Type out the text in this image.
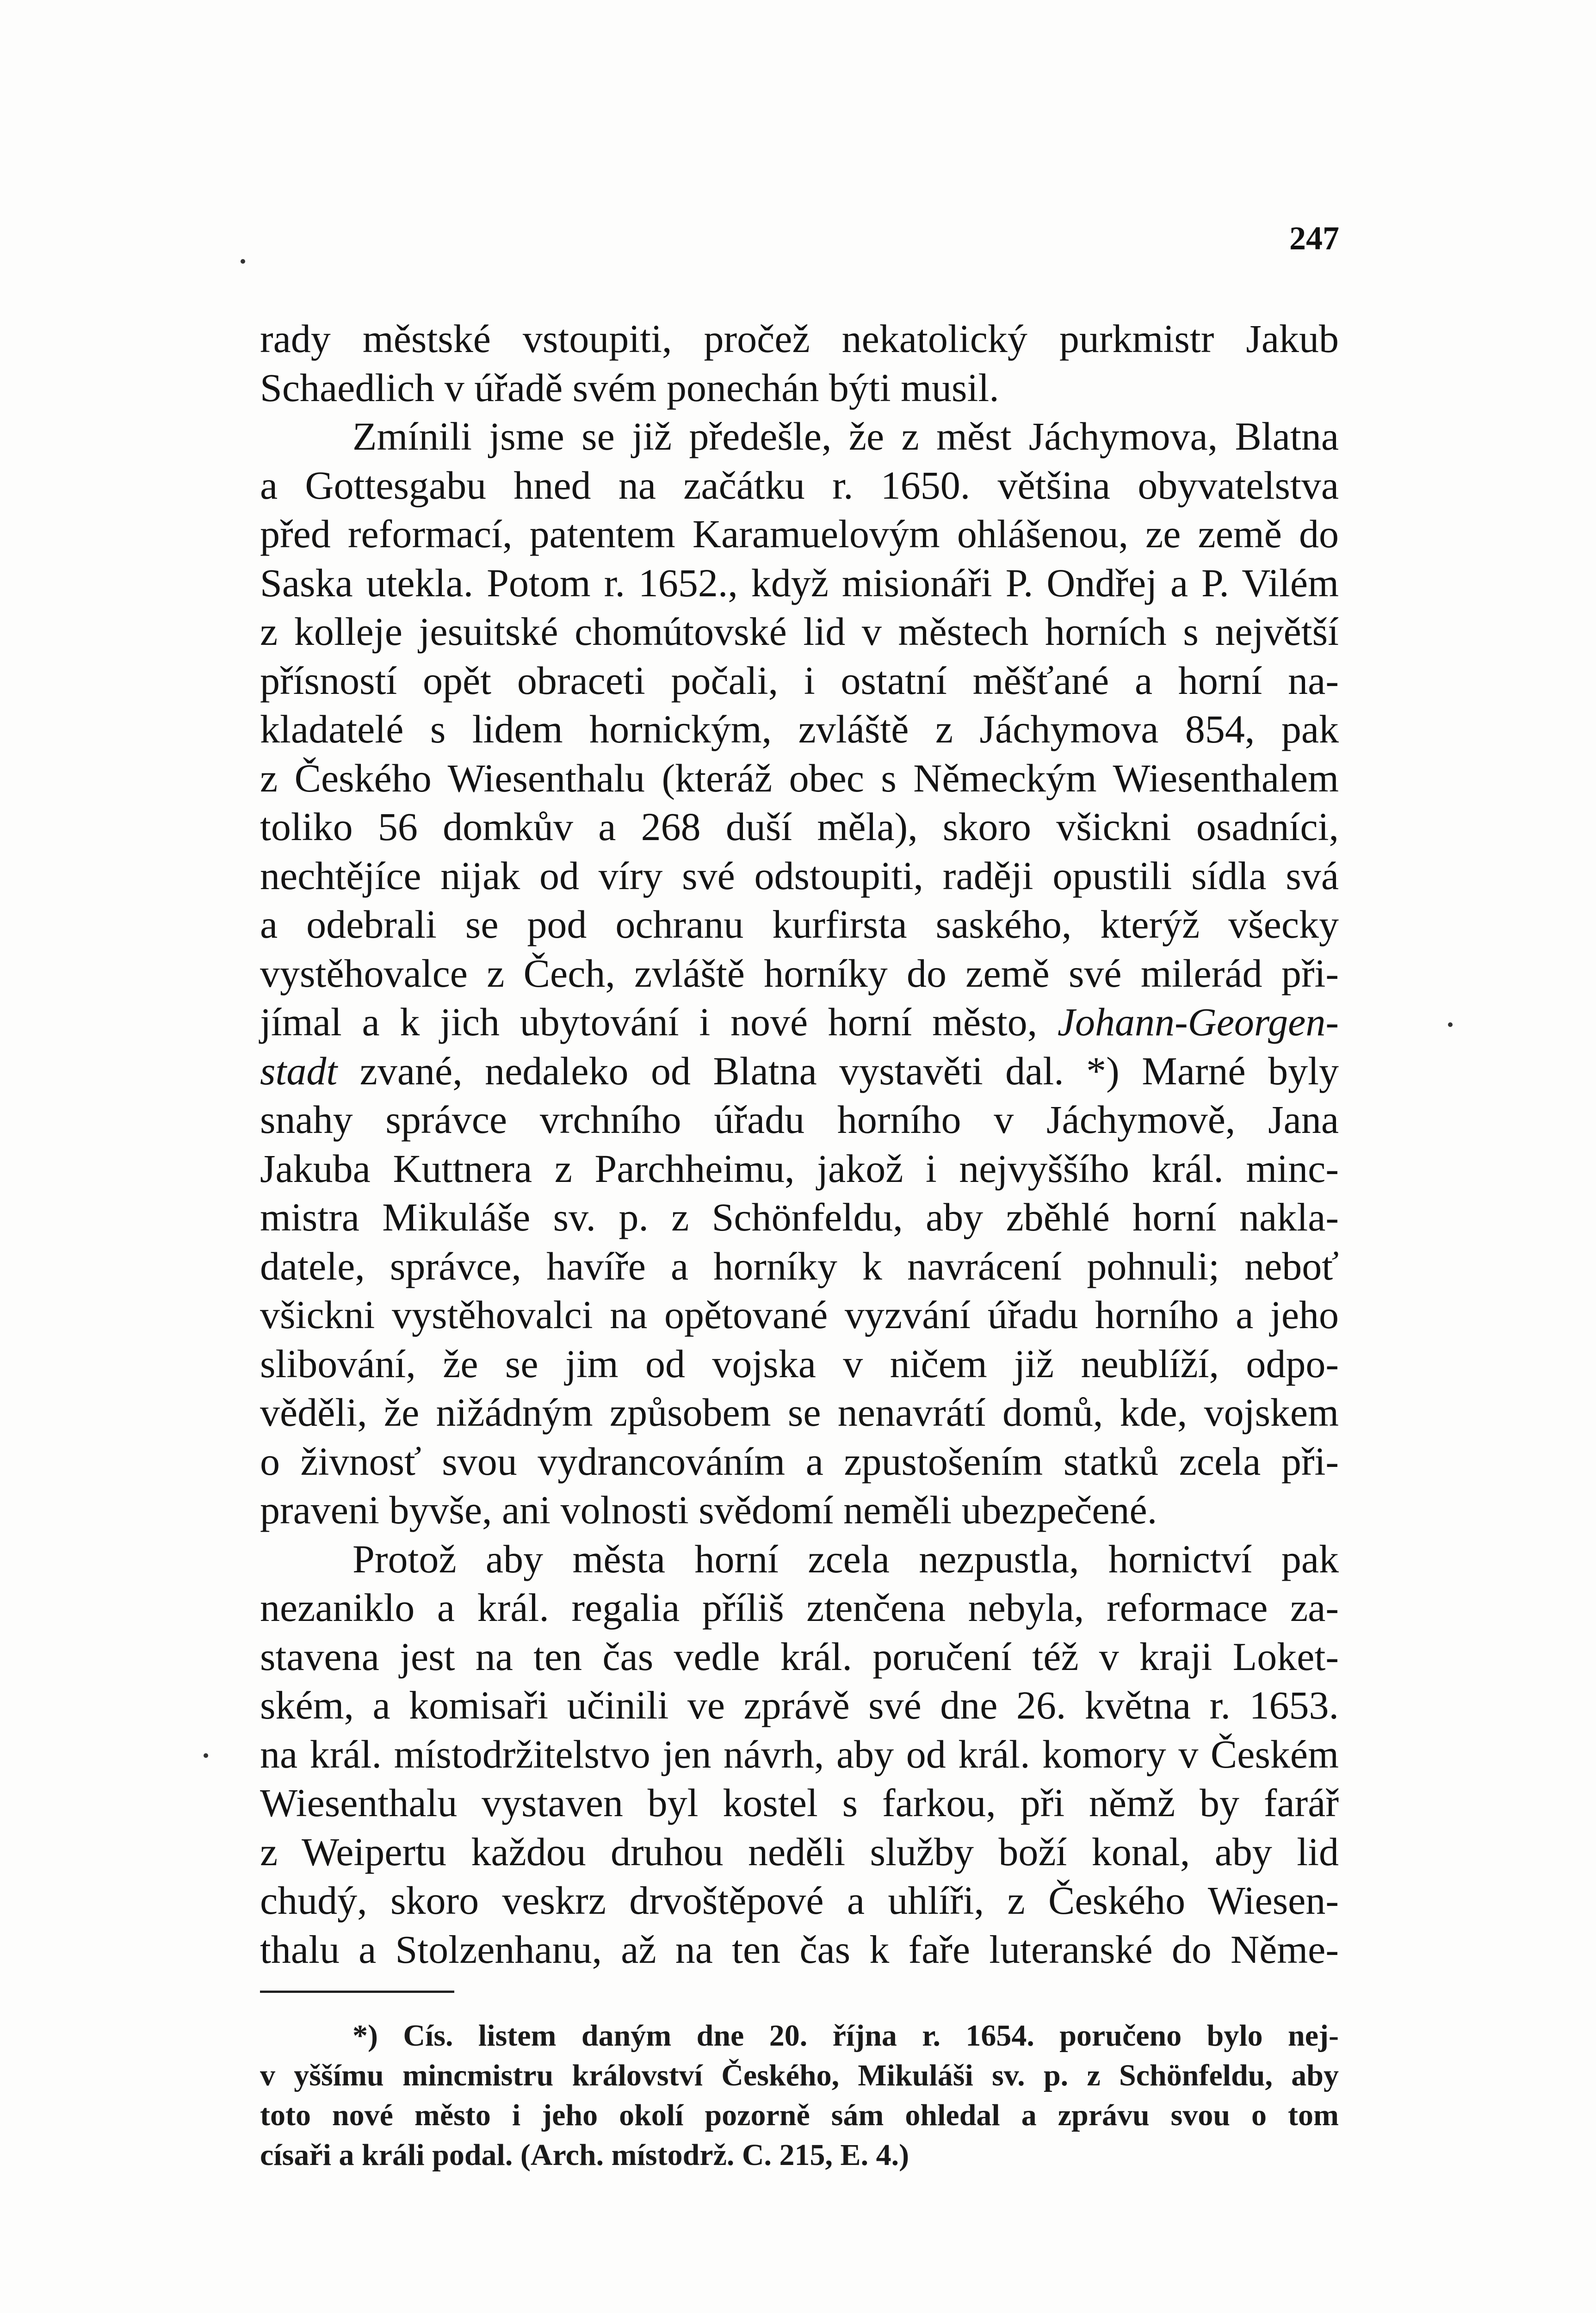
247
rady městské vstoupiti, pročež nekatolický purkmistr Jakub
Schaedlich v úřadě svém ponechán býti musil.
Zmínili jsme se již předešle, že z měst Jáchymova, Blatna
a Gottesgabu hned na začátku r. 1650. většina obyvatelstva
před reformací, patentem Karamuelovým ohlášenou, ze země do
Saska utekla. Potom r. 1652., když misionáři P. Ondřej a P. Vilém
z kolleje jesuitské chomútovské lid v městech horních s největší
přísností opět obraceti počali, i ostatní měšťané a horní na-
kladatelé s lidem hornickým, zvláště z Jáchymova 854, pak
z Českého Wiesenthalu (kteráž obec s Německým Wiesenthalem
toliko 56 domkův a 268 duší měla), skoro všickni osadníci,
nechtějíce nijak od víry své odstoupiti, raději opustili sídla svá
a odebrali se pod ochranu kurfirsta saského, kterýž všecky
vystěhovalce z Čech, zvláště horníky do země své milerád při-
jímal a k jich ubytování i nové horní město, Johann-Georgen-
stadt zvané, nedaleko od Blatna vystavěti dal. *) Marné byly
snahy správce vrchního úřadu horního v Jáchymově, Jana
Jakuba Kuttnera z Parchheimu, jakož i nejvyššího král. minc-
mistra Mikuláše sv. p. z Schönfeldu, aby zběhlé horní nakla-
datele, správce, havíře a horníky k navrácení pohnuli; neboť
všickni vystěhovalci na opětované vyzvání úřadu horního a jeho
slibování, že se jim od vojska v ničem již neublíží, odpo-
věděli, že nižádným způsobem se nenavrátí domů, kde, vojskem
o živnosť svou vydrancováním a zpustošením statků zcela při-
praveni byvše, ani volnosti svědomí neměli ubezpečené.
Protož aby města horní zcela nezpustla, hornictví pak
nezaniklo a král. regalia příliš ztenčena nebyla, reformace za-
stavena jest na ten čas vedle král. poručení též v kraji Loket-
ském, a komisaři učinili ve zprávě své dne 26. května r. 1653.
na král. místodržitelstvo jen návrh, aby od král. komory v Českém
Wiesenthalu vystaven byl kostel s farkou, při němž by farář
z Weipertu každou druhou neděli služby boží konal, aby lid
chudý, skoro veskrz drvoštěpové a uhlíři, z Českého Wiesen-
thalu a Stolzenhanu, až na ten čas k faře luteranské do Něme-
*) Cís. listem daným dne 20. října r. 1654. poručeno bylo nej-
v yššímu mincmistru království Českého, Mikuláši sv. p. z Schönfeldu, aby
toto nové město i jeho okolí pozorně sám ohledal a zprávu svou o tom
císaři a králi podal. (Arch. místodrž. C. 215, E. 4.)
